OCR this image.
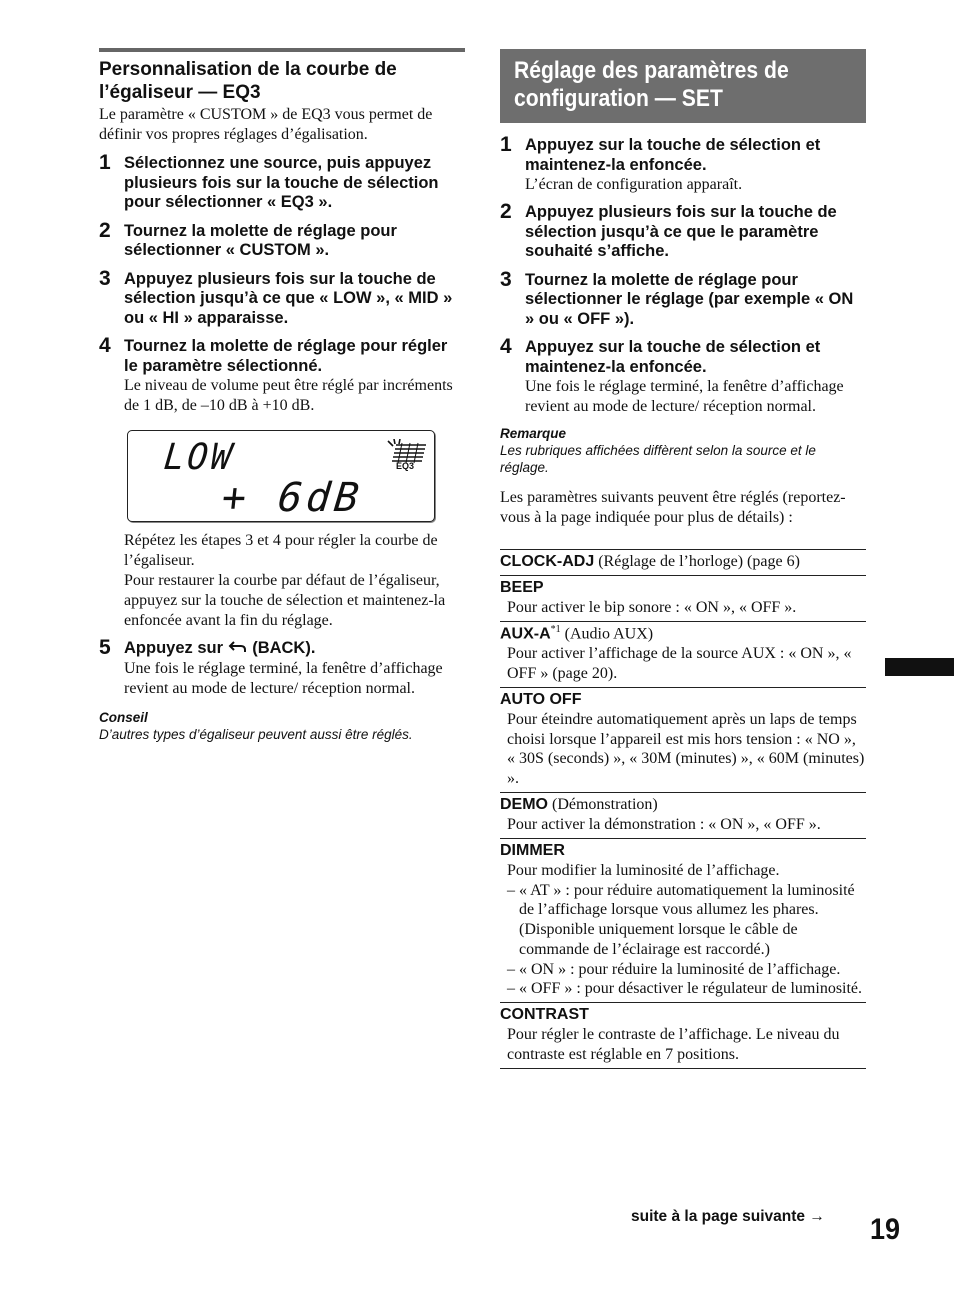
Personnalisation de la courbe de l’égaliseur — EQ3

Le paramètre « CUSTOM » de EQ3 vous permet de définir vos propres réglages d’égalisation.

1 Sélectionnez une source, puis appuyez plusieurs fois sur la touche de sélection pour sélectionner « EQ3 ».

2 Tournez la molette de réglage pour sélectionner « CUSTOM ».

3 Appuyez plusieurs fois sur la touche de sélection jusqu’à ce que « LOW », « MID » ou « HI » apparaisse.

4 Tournez la molette de réglage pour régler le paramètre sélectionné.

Le niveau de volume peut être réglé par incréments de 1 dB, de –10 dB à +10 dB.

LOW
+ 6dB
EQ3

Répétez les étapes 3 et 4 pour régler la courbe de l’égaliseur.

Pour restaurer la courbe par défaut de l’égaliseur, appuyez sur la touche de sélection et maintenez-la enfoncée avant la fin du réglage.

5 Appuyez sur  (BACK).

Une fois le réglage terminé, la fenêtre d’affichage revient au mode de lecture/ réception normal.

Conseil

D’autres types d’égaliseur peuvent aussi être réglés.

Réglage des paramètres de
configuration — SET
1 Appuyez sur la touche de sélection et maintenez-la enfoncée.

L’écran de configuration apparaît.

2 Appuyez plusieurs fois sur la touche de sélection jusqu’à ce que le paramètre souhaité s’affiche.

3 Tournez la molette de réglage pour sélectionner le réglage (par exemple « ON » ou « OFF »).

4 Appuyez sur la touche de sélection et maintenez-la enfoncée.

Une fois le réglage terminé, la fenêtre d’affichage revient au mode de lecture/ réception normal.

Remarque

Les rubriques affichées diffèrent selon la source et le réglage.

Les paramètres suivants peuvent être réglés (reportez-vous à la page indiquée pour plus de détails) :

CLOCK-ADJ (Réglage de l’horloge) (page 6)
BEEP

Pour activer le bip sonore : « ON », « OFF ».

AUX-$A^{*1}$ (Audio AUX)

Pour activer l’affichage de la source AUX : « ON », « OFF » (page 20).

AUTO OFF

Pour éteindre automatiquement après un laps de temps choisi lorsque l’appareil est mis hors tension : « NO », « 30S (seconds) », « 30M (minutes) », « 60M (minutes) ».

DEMO (Démonstration)

Pour activer la démonstration : « ON », « OFF ».

DIMMER

Pour modifier la luminosité de l’affichage.

– « AT » : pour réduire automatiquement la luminosité de l’affichage lorsque vous allumez les phares. (Disponible uniquement lorsque le câble de commande de l’éclairage est raccordé.)
– « ON » : pour réduire la luminosité de l’affichage.
– « OFF » : pour désactiver le régulateur de luminosité.
CONTRAST

Pour régler le contraste de l’affichage. Le niveau du contraste est réglable en 7 positions.

suite à la page suivante → 19
